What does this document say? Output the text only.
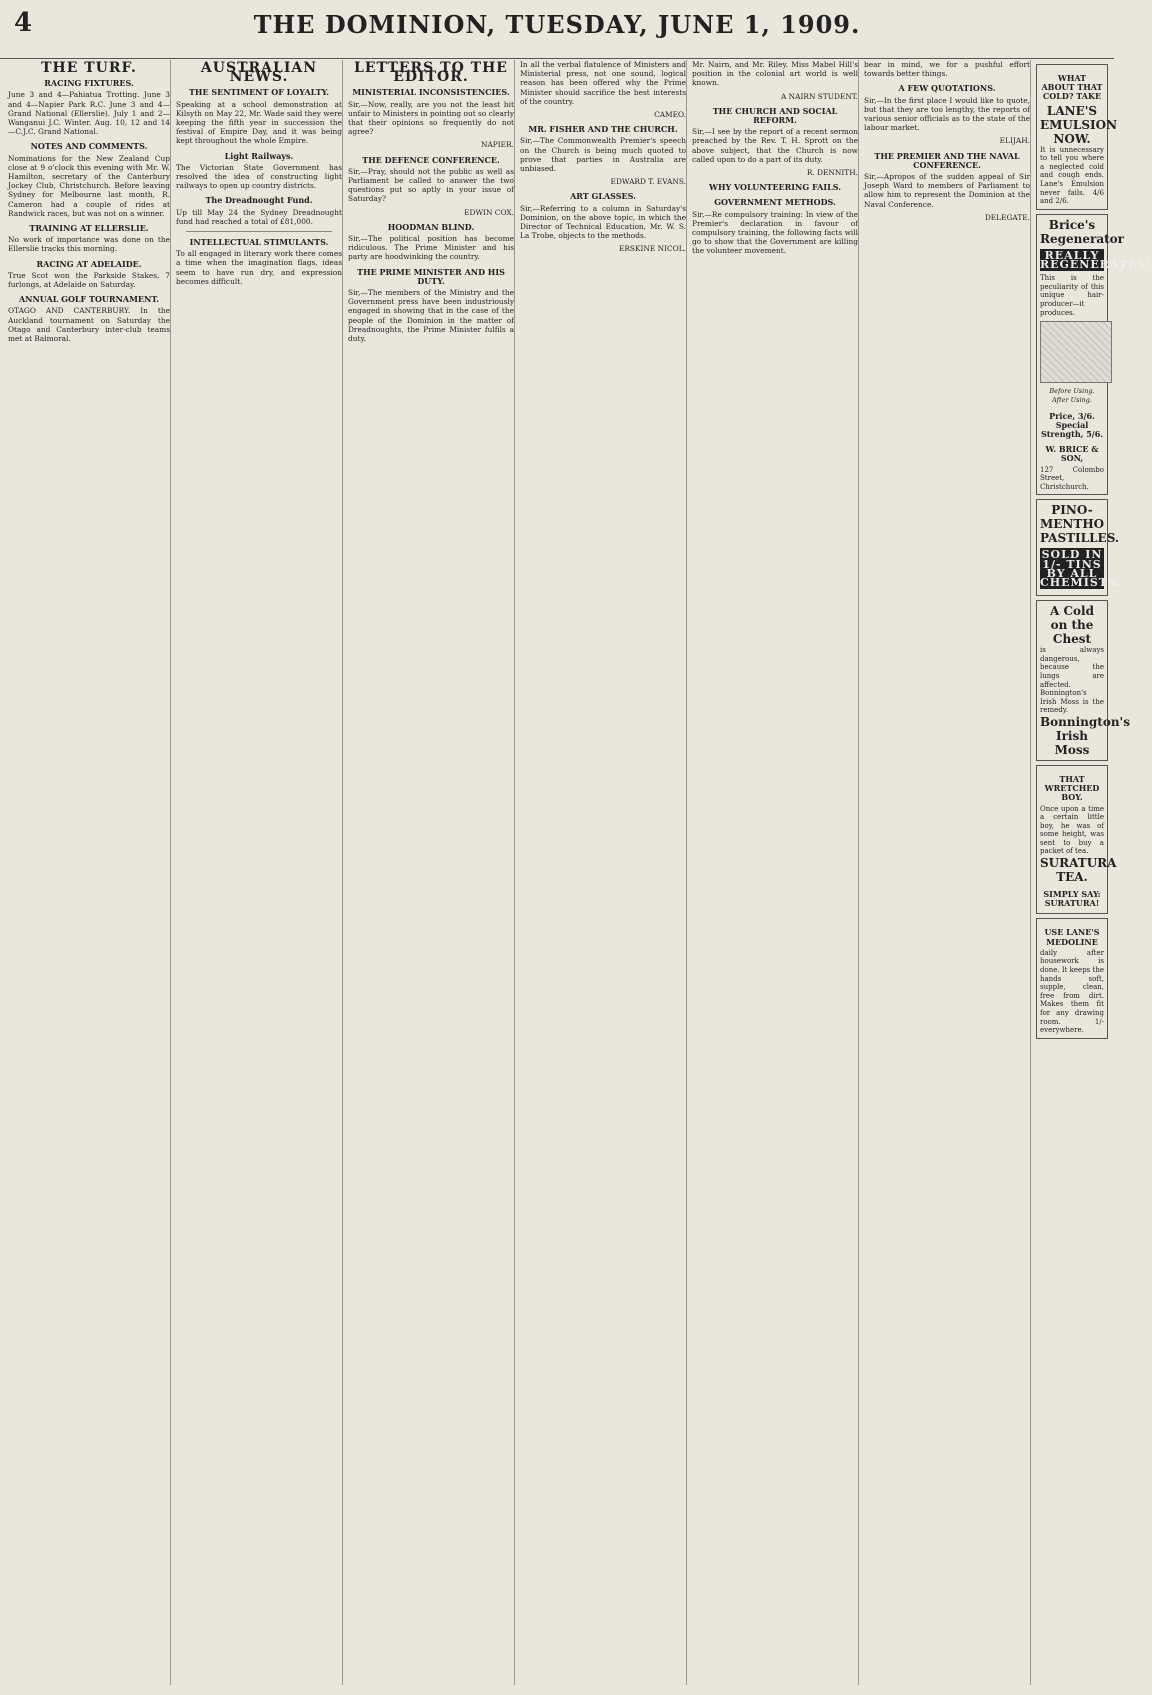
4	THE DOMINION, TUESDAY, JUNE 1, 1909.
THE TURF.
RACING FIXTURES.

June 3 and 4—Pahiatua Trotting. June 3 and 4—Napier Park R.C. June 3 and 4—Grand National (Ellerslie). July 1 and 2—Wanganui J.C. Winter. Aug. 10, 12 and 14—C.J.C. Grand National.

NOTES AND COMMENTS.

Nominations for the New Zealand Cup close at 9 o'clock this evening with Mr. W. Hamilton, secretary of the Canterbury Jockey Club, Christchurch. Before leaving Sydney for Melbourne last month, R. Cameron had a couple of rides at Randwick races, but was not on a winner.

TRAINING AT ELLERSLIE.

No work of importance was done on the Ellerslie tracks this morning.

RACING AT ADELAIDE.

True Scot won the Parkside Stakes, 7 furlongs, at Adelaide on Saturday.

ANNUAL GOLF TOURNAMENT.

OTAGO AND CANTERBURY. In the Auckland tournament on Saturday the Otago and Canterbury inter-club teams met at Balmoral.

AUSTRALIAN NEWS.
THE SENTIMENT OF LOYALTY.

Speaking at a school demonstration at Kilsyth on May 22, Mr. Wade said they were keeping the fifth year in succession the festival of Empire Day, and it was being kept throughout the whole Empire.

Light Railways.

The Victorian State Government has resolved the idea of constructing light railways to open up country districts.

The Dreadnought Fund.

Up till May 24 the Sydney Dreadnought fund had reached a total of £81,000.

INTELLECTUAL STIMULANTS.

To all engaged in literary work there comes a time when the imagination flags, ideas seem to have run dry, and expression becomes difficult.

LETTERS TO THE EDITOR.
MINISTERIAL INCONSISTENCIES.

Sir,—Now, really, are you not the least bit unfair to Ministers in pointing out so clearly that their opinions so frequently do not agree?

NAPIER.

THE DEFENCE CONFERENCE.

Sir,—Pray, should not the public as well as Parliament be called to answer the two questions put so aptly in your issue of Saturday?

EDWIN COX.

HOODMAN BLIND.

Sir,—The political position has become ridiculous. The Prime Minister and his party are hoodwinking the country.

THE PRIME MINISTER AND HIS DUTY.

Sir,—The members of the Ministry and the Government press have been industriously engaged in showing that in the case of the people of the Dominion in the matter of Dreadnoughts, the Prime Minister fulfils a duty.

In all the verbal flatulence of Ministers and Ministerial press, not one sound, logical reason has been offered why the Prime Minister should sacrifice the best interests of the country.

CAMEO.

MR. FISHER AND THE CHURCH.

Sir,—The Commonwealth Premier's speech on the Church is being much quoted to prove that parties in Australia are unbiased.

EDWARD T. EVANS.

ART GLASSES.

Sir,—Referring to a column in Saturday's Dominion, on the above topic, in which the Director of Technical Education, Mr. W. S. La Trobe, objects to the methods.

ERSKINE NICOL.

Mr. Nairn, and Mr. Riley. Miss Mabel Hill's position in the colonial art world is well known.

A NAIRN STUDENT.

THE CHURCH AND SOCIAL REFORM.

Sir,—I see by the report of a recent sermon preached by the Rev. T. H. Sprott on the above subject, that the Church is now called upon to do a part of its duty.

R. DENNITH.

WHY VOLUNTEERING FAILS.
GOVERNMENT METHODS.

Sir,—Re compulsory training: In view of the Premier's declaration in favour of compulsory training, the following facts will go to show that the Government are killing the volunteer movement.

bear in mind, we for a pushful effort towards better things.

A FEW QUOTATIONS.

Sir,—In the first place I would like to quote, but that they are too lengthy, the reports of various senior officials as to the state of the labour market.

ELIJAH.

THE PREMIER AND THE NAVAL CONFERENCE.

Sir,—Apropos of the sudden appeal of Sir Joseph Ward to members of Parliament to allow him to represent the Dominion at the Naval Conference.

DELEGATE.

WHAT ABOUT THAT COLD? TAKE
LANE'S EMULSION NOW.
It is unnecessary to tell you where a neglected cold and cough ends. Lane's Emulsion never fails. 4/6 and 2/6.
Brice's Regenerator
REALLY REGENERATES!
This is the peculiarity of this unique hair-producer—it produces.
Before Using.
After Using.
Price, 3/6. Special Strength, 5/6.
W. BRICE & SON,
127 Colombo Street, Christchurch.
PINO-MENTHO
PASTILLES.
SOLD IN 1/- TINS BY ALL CHEMISTS.
A Cold on the Chest
is always dangerous, because the lungs are affected. Bonnington's Irish Moss is the remedy.
Bonnington's Irish Moss
THAT WRETCHED BOY.
Once upon a time a certain little boy, he was of some height, was sent to buy a packet of tea.
SURATURA TEA.
SIMPLY SAY: SURATURA!
USE LANE'S MEDOLINE
daily after housework is done. It keeps the hands soft, supple, clean, free from dirt. Makes them fit for any drawing room. 1/- everywhere.
